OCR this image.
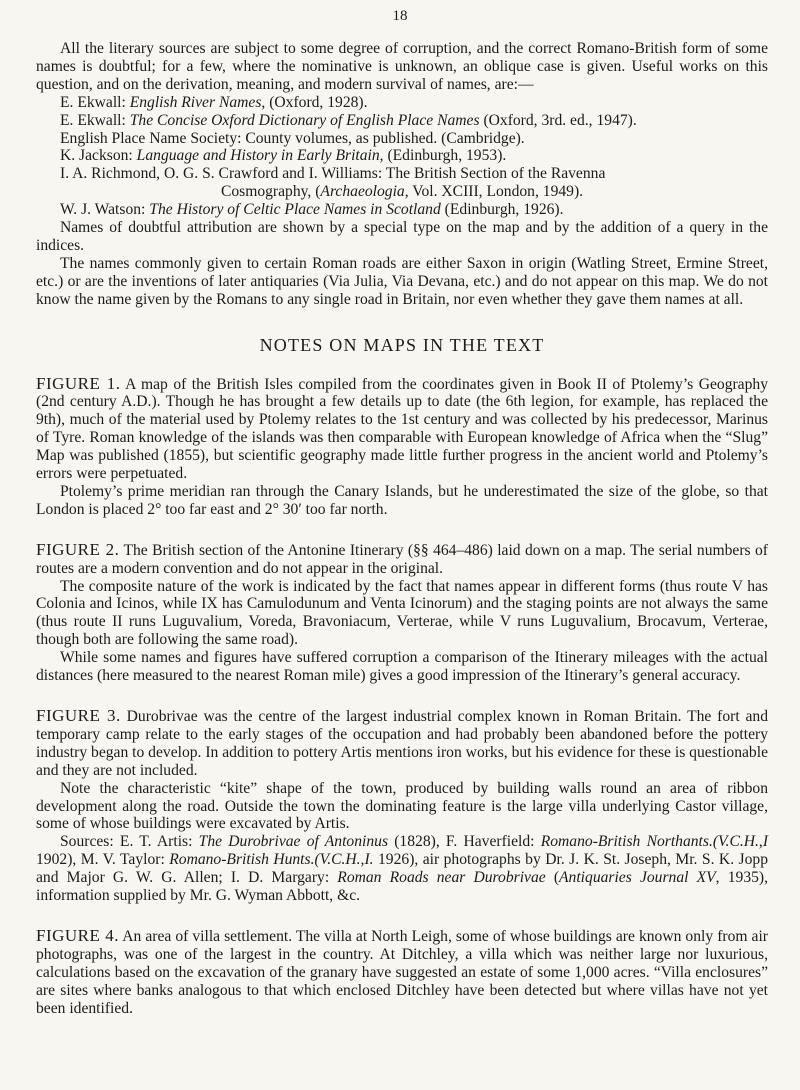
18

All the literary sources are subject to some degree of corruption, and the correct Romano-British form of some names is doubtful; for a few, where the nominative is unknown, an oblique case is given. Useful works on this question, and on the derivation, meaning, and modern survival of names, are:—

E. Ekwall: English River Names, (Oxford, 1928).

E. Ekwall: The Concise Oxford Dictionary of English Place Names (Oxford, 3rd. ed., 1947).

English Place Name Society: County volumes, as published. (Cambridge).

K. Jackson: Language and History in Early Britain, (Edinburgh, 1953).

I. A. Richmond, O. G. S. Crawford and I. Williams: The British Section of the Ravenna

Cosmography, (Archaeologia, Vol. XCIII, London, 1949).

W. J. Watson: The History of Celtic Place Names in Scotland (Edinburgh, 1926).

Names of doubtful attribution are shown by a special type on the map and by the addition of a query in the indices.

The names commonly given to certain Roman roads are either Saxon in origin (Watling Street, Ermine Street, etc.) or are the inventions of later antiquaries (Via Julia, Via Devana, etc.) and do not appear on this map. We do not know the name given by the Romans to any single road in Britain, nor even whether they gave them names at all.

NOTES ON MAPS IN THE TEXT

FIGURE 1. A map of the British Isles compiled from the coordinates given in Book II of Ptolemy’s Geography (2nd century A.D.). Though he has brought a few details up to date (the 6th legion, for example, has replaced the 9th), much of the material used by Ptolemy relates to the 1st century and was collected by his predecessor, Marinus of Tyre. Roman knowledge of the islands was then comparable with European knowledge of Africa when the “Slug” Map was published (1855), but scientific geography made little further progress in the ancient world and Ptolemy’s errors were perpetuated.

Ptolemy’s prime meridian ran through the Canary Islands, but he underestimated the size of the globe, so that London is placed 2° too far east and 2° 30′ too far north.

FIGURE 2. The British section of the Antonine Itinerary (§§ 464–486) laid down on a map. The serial numbers of routes are a modern convention and do not appear in the original.

The composite nature of the work is indicated by the fact that names appear in different forms (thus route V has Colonia and Icinos, while IX has Camulodunum and Venta Icinorum) and the staging points are not always the same (thus route II runs Luguvalium, Voreda, Bravoniacum, Verterae, while V runs Luguvalium, Brocavum, Verterae, though both are following the same road).

While some names and figures have suffered corruption a comparison of the Itinerary mileages with the actual distances (here measured to the nearest Roman mile) gives a good impression of the Itinerary’s general accuracy.

FIGURE 3. Durobrivae was the centre of the largest industrial complex known in Roman Britain. The fort and temporary camp relate to the early stages of the occupation and had probably been abandoned before the pottery industry began to develop. In addition to pottery Artis mentions iron works, but his evidence for these is questionable and they are not included.

Note the characteristic “kite” shape of the town, produced by building walls round an area of ribbon development along the road. Outside the town the dominating feature is the large villa underlying Castor village, some of whose buildings were excavated by Artis.

Sources: E. T. Artis: The Durobrivae of Antoninus (1828), F. Haverfield: Romano-British Northants.(V.C.H.,I 1902), M. V. Taylor: Romano-British Hunts.(V.C.H.,I. 1926), air photographs by Dr. J. K. St. Joseph, Mr. S. K. Jopp and Major G. W. G. Allen; I. D. Margary: Roman Roads near Durobrivae (Antiquaries Journal XV, 1935), information supplied by Mr. G. Wyman Abbott, &c.

FIGURE 4. An area of villa settlement. The villa at North Leigh, some of whose buildings are known only from air photographs, was one of the largest in the country. At Ditchley, a villa which was neither large nor luxurious, calculations based on the excavation of the granary have suggested an estate of some 1,000 acres. “Villa enclosures” are sites where banks analogous to that which enclosed Ditchley have been detected but where villas have not yet been identified.
